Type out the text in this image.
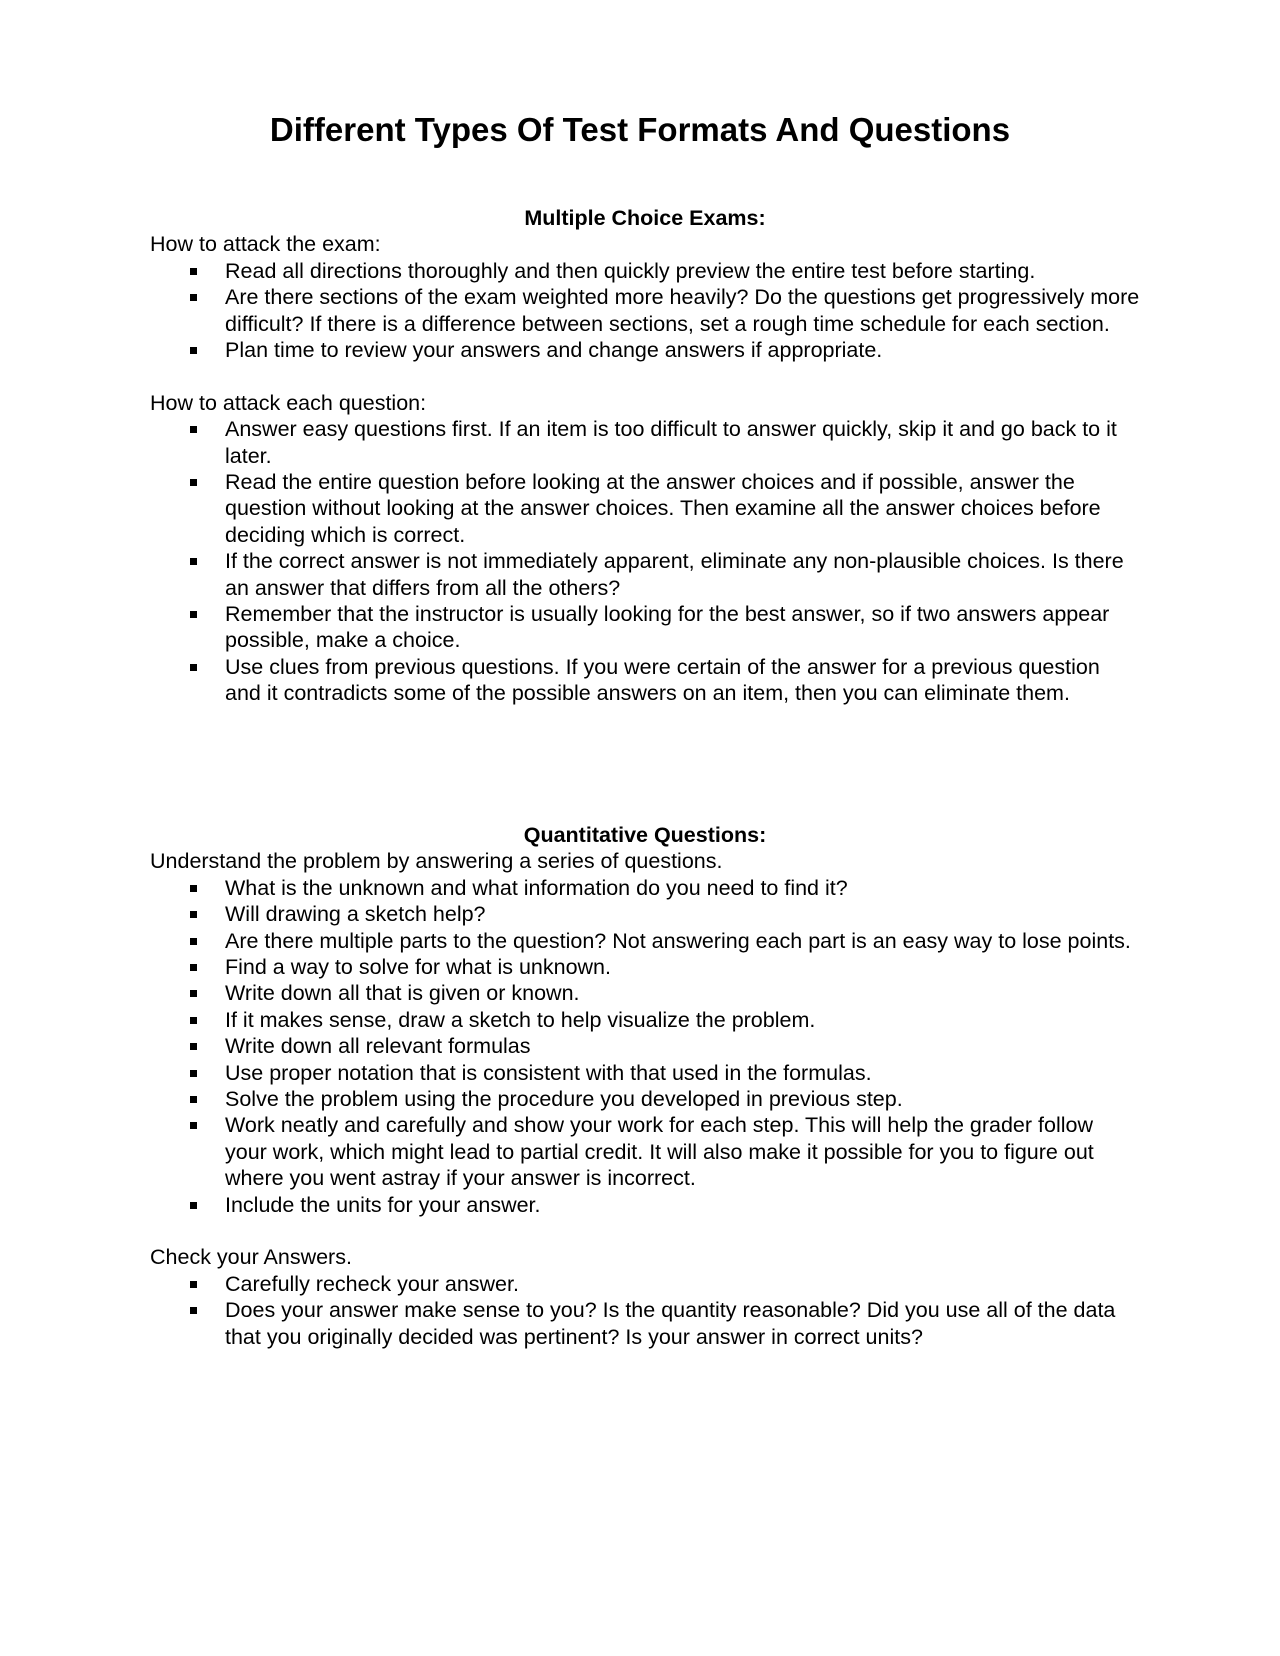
Different Types Of Test Formats And Questions

Multiple Choice Exams:

How to attack the exam:

Read all directions thoroughly and then quickly preview the entire test before starting.
Are there sections of the exam weighted more heavily? Do the questions get progressively more difficult? If there is a difference between sections, set a rough time schedule for each section.
Plan time to review your answers and change answers if appropriate.

How to attack each question:

Answer easy questions first. If an item is too difficult to answer quickly, skip it and go back to it later.
Read the entire question before looking at the answer choices and if possible, answer the question without looking at the answer choices. Then examine all the answer choices before deciding which is correct.
If the correct answer is not immediately apparent, eliminate any non-plausible choices. Is there an answer that differs from all the others?
Remember that the instructor is usually looking for the best answer, so if two answers appear possible, make a choice.
Use clues from previous questions. If you were certain of the answer for a previous question and it contradicts some of the possible answers on an item, then you can eliminate them.

Quantitative Questions:

Understand the problem by answering a series of questions.

What is the unknown and what information do you need to find it?
Will drawing a sketch help?
Are there multiple parts to the question? Not answering each part is an easy way to lose points.
Find a way to solve for what is unknown.
Write down all that is given or known.
If it makes sense, draw a sketch to help visualize the problem.
Write down all relevant formulas
Use proper notation that is consistent with that used in the formulas.
Solve the problem using the procedure you developed in previous step.
Work neatly and carefully and show your work for each step. This will help the grader follow your work, which might lead to partial credit. It will also make it possible for you to figure out where you went astray if your answer is incorrect.
Include the units for your answer.

Check your Answers.

Carefully recheck your answer.
Does your answer make sense to you? Is the quantity reasonable? Did you use all of the data that you originally decided was pertinent? Is your answer in correct units?
